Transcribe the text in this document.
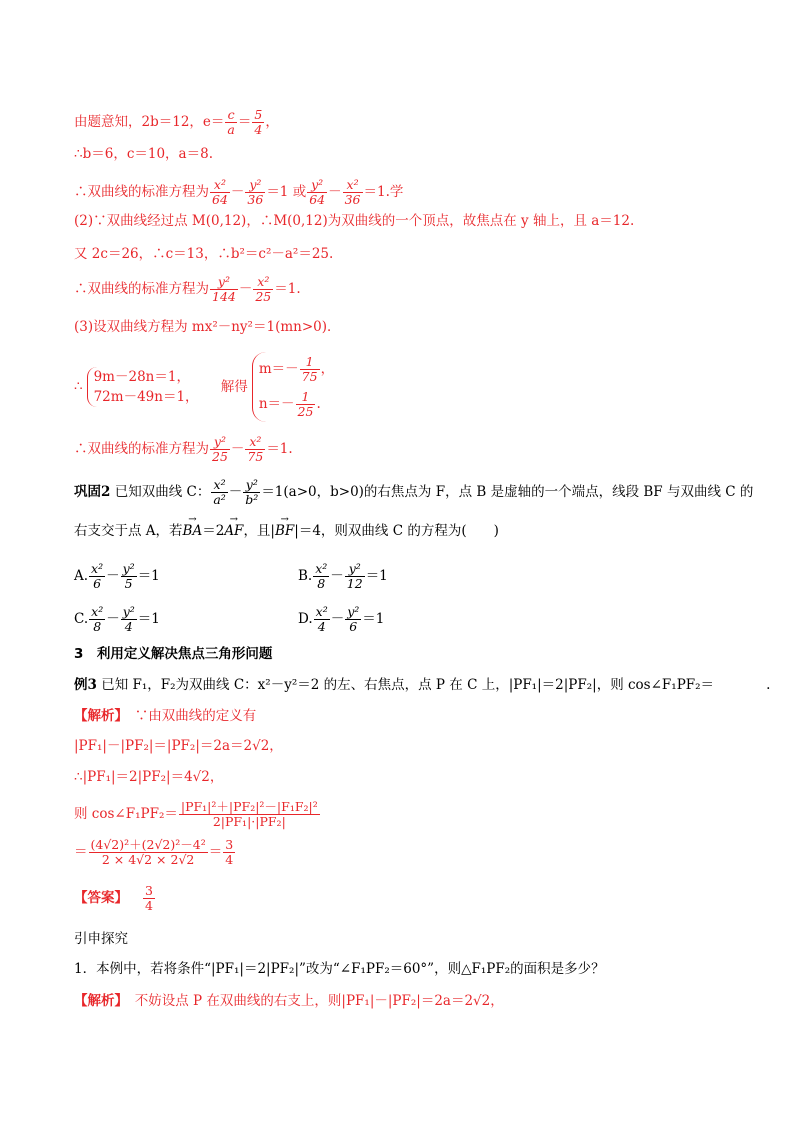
由题意知，2b＝12，$e= \frac{c}{a} = \frac{5}{4}$ ，
∴b＝6，c＝10，a＝8.
∴双曲线的标准方程为 $\frac{\text{x²}}{64} - \frac{\text{y²}}{36} =1$ 或 $\frac{\text{y²}}{64} - \frac{\text{x²}}{36} =1$.学
(2)∵双曲线经过点 M(0,12)，∴M(0,12)为双曲线的一个顶点，故焦点在 y 轴上，且 a＝12.
又 2c＝26，∴c＝13，∴b²＝c²－a²＝25.
∴双曲线的标准方程为 $\frac{\text{y²}}{144} - \frac{\text{x²}}{25} =1$.
(3)设双曲线方程为 mx²－ny²＝1(mn>0)．
∴
9m－28n＝1，
72m－49n＝1，
解得
$m=- \frac{1}{75}$ ，
$n=- \frac{1}{25}$ .
∴双曲线的标准方程为 $\frac{\text{y²}}{25} - \frac{\text{x²}}{75} =1$.
巩固2 已知双曲线 C： $\frac{\text{x²}}{\text{a²}} - \frac{\text{y²}}{\text{b²}} =1(a>0$，b>0)的右焦点为 F，点 B 是虚轴的一个端点，线段 BF 与双曲线 C 的
右支交于点 A，若→ BA＝2→ AF，且|→ BF|＝4，则双曲线 C 的方程为(　　)
A. $\frac{\text{x²}}{6} - \frac{\text{y²}}{5} =1$	B. $\frac{\text{x²}}{8} - \frac{\text{y²}}{12} =1$
C. $\frac{\text{x²}}{8} - \frac{\text{y²}}{4} =1$	D. $\frac{\text{x²}}{4} - \frac{\text{y²}}{6} =1$
3　利用定义解决焦点三角形问题
例3 已知 F₁，F₂为双曲线 C：x²－y²＝2 的左、右焦点，点 P 在 C 上，|PF₁|＝2|PF₂|，则 cos∠F₁PF₂＝	.
【解析】　∵由双曲线的定义有
|PF₁|－|PF₂|＝|PF₂|＝2a＝2√2，
∴|PF₁|＝2|PF₂|＝4√2，
则 cos∠F₁PF₂＝ $\frac{\text{|PF₁|²＋|PF₂|²－|F₁F₂|²}}{\text{2|PF₁|·|PF₂|}}$
＝ $\frac{\text{(4√2)²＋(2√2)²－4²}}{2 \times 4√2 \times 2√2} = \frac{3}{4}$
【答案】 $\frac{3}{4}$
引申探究
1．本例中，若将条件“|PF₁|＝2|PF₂|”改为“∠F₁PF₂＝60°”，则△F₁PF₂的面积是多少？
【解析】　不妨设点 P 在双曲线的右支上，则|PF₁|－|PF₂|＝2a＝2√2，
